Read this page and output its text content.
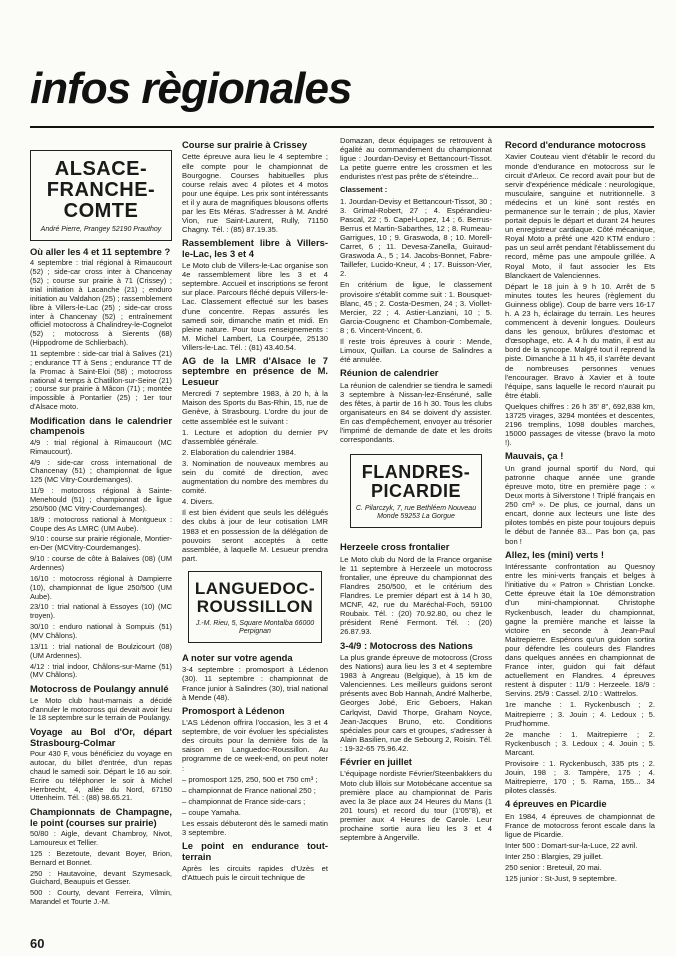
infos règionales
ALSACE-FRANCHE-COMTE
André Pierre, Prangey 52190 Prauthoy
Où aller les 4 et 11 septembre ?

4 septembre : trial régional à Rimaucourt (52) ; side-car cross inter à Chancenay (52) ; course sur prairie à 71 (Crissey) ; trial initiation à Lacanche (21) ; enduro initiation au Valdahon (25) ; rassemblement libre à Villers-le-Lac (25) ; side-car cross inter à Chancenay (52) ; entraînement officiel motocross à Chalindrey-le-Cognelot (52) ; motocross à Sierents (68) (Hippodrome de Schlierbach).

11 septembre : side-car trial à Salives (21) ; endurance TT à Sens ; endurance TT de la Promac à Saint-Eloi (58) ; motocross national 4 temps à Chatillon-sur-Seine (21) ; course sur prairie à Mâcon (71) ; montée impossible à Pontarlier (25) ; 1er tour d'Alsace moto.

Modification dans le calendrier champenois

4/9 : trial régional à Rimaucourt (MC Rimaucourt).

4/9 : side-car cross international de Chancenay (51) ; championnat de ligue 125 (MC Vitry-Courdemanges).

11/9 : motocross régional à Sainte-Menehould (51) ; championnat de ligue 250/500 (MC Vitry-Courdemanges).

18/9 : motocross national à Montgueux : Coupe des As LMRC (UM Aube).

9/10 : course sur prairie régionale, Montier-en-Der (MCVitry-Courdemanges).

9/10 : course de côte à Balaives (08) (UM Ardennes)

16/10 : motocross régional à Dampierre (10), championnat de ligue 250/500 (UM Aube).

23/10 : trial national à Essoyes (10) (MC troyen).

30/10 : enduro national à Sompuis (51) (MV Châlons).

13/11 : trial national de Boulzicourt (08) (UM Ardennes).

4/12 : trial indoor, Châlons-sur-Marne (51) (MV Châlons).

Motocross de Poulangy annulé

Le Moto club haut-marnais a décidé d'annuler le motocross qui devait avoir lieu le 18 septembre sur le terrain de Poulangy.

Voyage au Bol d'Or, départ Strasbourg-Colmar

Pour 430 F, vous bénéficiez du voyage en autocar, du billet d'entrée, d'un repas chaud le samedi soir. Départ le 16 au soir. Ecrire ou téléphoner le soir à Michel Herrbrecht, 4, allée du Nord, 67150 Uttenheim. Tél. : (88) 98.65.21.

Championnats de Champagne, le point (courses sur prairie)

50/80 : Aigle, devant Chambroy, Nivot, Lamoureux et Tellier.

125 : Bezetoute, devant Boyer, Brion, Bernard et Bonnet.

250 : Hautavoine, devant Szymesack, Guichard, Beaupuis et Gesser.

500 : Courty, devant Ferreira, Vilmin, Marandel et Tourte J.-M.

Course sur prairie à Crissey

Cette épreuve aura lieu le 4 septembre ; elle compte pour le championnat de Bourgogne. Courses habituelles plus course relais avec 4 pilotes et 4 motos pour une équipe. Les prix sont intéressants et il y aura de magnifiques blousons offerts par les Ets Méras. S'adresser à M. André Vion, rue Saint-Laurent, Rully, 71150 Chagny. Tél. : (85) 87.19.35.

Rassemblement libre à Villers-le-Lac, les 3 et 4

Le Moto club de Villers-le-Lac organise son 4e rassemblement libre les 3 et 4 septembre. Accueil et inscriptions se feront sur place. Parcours fléché depuis Villers-le-Lac. Classement effectué sur les bases d'une concentre. Repas assurés les samedi soir, dimanche matin et midi. En pleine nature. Pour tous renseignements : M. Michel Lambert, La Courpée, 25130 Villers-le-Lac. Tél. : (81) 43.40.54.

AG de la LMR d'Alsace le 7 septembre en présence de M. Lesueur

Mercredi 7 septembre 1983, à 20 h, à la Maison des Sports du Bas-Rhin, 15, rue de Genève, à Strasbourg. L'ordre du jour de cette assemblée est le suivant :

1. Lecture et adoption du dernier PV d'assemblée générale.

2. Elaboration du calendrier 1984.

3. Nomination de nouveaux membres au sein du comité de direction, avec augmentation du nombre des membres du comité.

4. Divers.

Il est bien évident que seuls les délégués des clubs à jour de leur cotisation LMR 1983 et en possession de la délégation de pouvoirs seront acceptés à cette assemblée, à laquelle M. Lesueur prendra part.

LANGUEDOC-ROUSSILLON
J.-M. Rieu, 5, Square Montalba 66000 Perpignan
A noter sur votre agenda

3-4 septembre : promosport à Lédenon (30). 11 septembre : championnat de France junior à Salindres (30), trial national à Mende (48).

Promosport à Lédenon

L'AS Lédenon offrira l'occasion, les 3 et 4 septembre, de voir évoluer les spécialistes des circuits pour la dernière fois de la saison en Languedoc-Roussillon. Au programme de ce week-end, on peut noter :

– promosport 125, 250, 500 et 750 cm³ ;

– championnat de France national 250 ;

– championnat de France side-cars ;

– coupe Yamaha.

Les essais débuteront dès le samedi matin 3 septembre.

Le point en endurance tout-terrain

Après les circuits rapides d'Uzès et d'Attuech puis le circuit technique de

Domazan, deux équipages se retrouvent à égalité au commandement du championnat ligue : Jourdan-Devisy et Bettancourt-Tissot. La petite guerre entre les crossmen et les enduristes n'est pas prête de s'éteindre...

Classement :

1. Jourdan-Devisy et Bettancourt-Tissot, 30 ; 3. Grimal-Robert, 27 ; 4. Espérandieu-Pascal, 22 ; 5. Capel-Lopez, 14 ; 6. Berrus-Berrus et Martin-Sabarthes, 12 ; 8. Rumeau-Garrigues, 10 ; 9. Graswoda, 8 ; 10. Morell-Carret, 6 ; 11. Devesa-Zanella, Guiraud-Graswoda A., 5 ; 14. Jacobs-Bonnet, Fabre-Taillefer, Lucido-Kneur, 4 ; 17. Buisson-Vier, 2.

En critérium de ligue, le classement provisoire s'établit comme suit : 1. Bousquet-Blanc, 45 ; 2. Costa-Desmen, 24 ; 3. Viollet-Mercier, 22 ; 4. Astier-Lanziani, 10 ; 5. Garcia-Cougnenc et Chambon-Combemale, 8 ; 6. Vincent-Vincent, 6.

Il reste trois épreuves à courir : Mende, Limoux, Quillan. La course de Salindres a été annulée.

Réunion de calendrier

La réunion de calendrier se tiendra le samedi 3 septembre à Nissan-lez-Enséruné, salle des fêtes, à partir de 16 h 30. Tous les clubs organisateurs en 84 se doivent d'y assister. En cas d'empêchement, envoyer au trésorier l'imprimé de demande de date et les droits correspondants.

FLANDRES-PICARDIE
C. Pilarczyk, 7, rue Bethléem Nouveau Monde 59253 La Gorgue
Herzeele cross frontalier

Le Moto club du Nord de la France organise le 11 septembre à Herzeele un motocross frontalier, une épreuve du championnat des Flandres 250/500, et le critérium des Flandres. Le premier départ est à 14 h 30, MCNF, 42, rue du Maréchal-Foch, 59100 Roubaix. Tél. : (20) 70.92.80, ou chez le président René Fermont. Tél. : (20) 26.87.93.

3-4/9 : Motocross des Nations

La plus grande épreuve de motocross (Cross des Nations) aura lieu les 3 et 4 septembre 1983 à Angreau (Belgique), à 15 km de Valenciennes. Les meilleurs guidons seront présents avec Bob Hannah, André Malherbe, Georges Jobé, Eric Geboers, Hakan Carlqvist, David Thorpe, Graham Noyce, Jean-Jacques Bruno, etc. Conditions spéciales pour cars et groupes, s'adresser à Alain Basilien, rue de Sebourg 2, Roisin. Tél. : 19-32-65 75.96.42.

Février en juillet

L'équipage nordiste Février/Steenbakkers du Moto club lillois sur Motobécane accentue sa première place au championnat de Paris avec la 3e place aux 24 Heures du Mans (1 201 tours) et record du tour (1'05"8), et premier aux 4 Heures de Carole. Leur prochaine sortie aura lieu les 3 et 4 septembre à Angerville.

Record d'endurance motocross

Xavier Couteau vient d'établir le record du monde d'endurance en motocross sur le circuit d'Arleux. Ce record avait pour but de servir d'expérience médicale : neurologique, musculaire, sanguine et nutritionnelle. 3 médecins et un kiné sont restés en permanence sur le terrain ; de plus, Xavier portait depuis le départ et durant 24 heures un enregistreur cardiaque. Côté mécanique, Royal Moto a prêté une 420 KTM enduro : pas un seul arrêt pendant l'établissement du record, même pas une ampoule grillée. A Royal Moto, il faut associer les Ets Blanckaert de Valenciennes.

Départ le 18 juin à 9 h 10. Arrêt de 5 minutes toutes les heures (règlement du Guinness oblige). Coup de barre vers 16-17 h. A 23 h, éclairage du terrain. Les heures commencent à devenir longues. Douleurs dans les genoux, brûlures d'estomac et d'œsophage, etc. A 4 h du matin, il est au bord de la syncope. Malgré tout il reprend la piste. Dimanche à 11 h 45, il s'arrête devant de nombreuses personnes venues l'encourager. Bravo à Xavier et à toute l'équipe, sans laquelle le record n'aurait pu être établi.

Quelques chiffres : 26 h 35' 8", 692,838 km, 13725 virages, 3294 montées et descentes, 2196 tremplins, 1098 doubles marches, 15000 passages de vitesse (bravo la moto !).

Mauvais, ça !

Un grand journal sportif du Nord, qui patronne chaque année une grande épreuve moto, titre en première page : « Deux morts à Silverstone ! Triplé français en 250 cm³ ». De plus, ce journal, dans un encart, donne aux lecteurs une liste des pilotes tombés en piste pour toujours depuis le début de l'année 83... Pas bon ça, pas bon !

Allez, les (mini) verts !

Intéressante confrontation au Quesnoy entre les mini-verts français et belges à l'initiative du « Patron » Christian Loncke. Cette épreuve était la 10e démonstration d'un mini-championnat. Christophe Ryckenbusch, leader du championnat, gagne la première manche et laisse la victoire en seconde à Jean-Paul Maitrepierre. Espérons qu'un guidon sortira pour défendre les couleurs des Flandres dans quelques années en championnat de France inter, guidon qui fait défaut actuellement en Flandres. 4 épreuves restent à disputer : 11/9 : Herzeele. 18/9 : Servins. 25/9 : Cassel. 2/10 : Wattrelos.

1re manche : 1. Ryckenbusch ; 2. Maitrepierre ; 3. Jouin ; 4. Ledoux ; 5. Prud'homme.

2e manche : 1. Maitrepierre ; 2. Ryckenbusch ; 3. Ledoux ; 4. Jouin ; 5. Marcant.

Provisoire : 1. Ryckenbusch, 335 pts ; 2. Jouin, 198 ; 3. Tampère, 175 ; 4. Maitrepierre, 170 ; 5. Rama, 155... 34 pilotes classés.

4 épreuves en Picardie

En 1984, 4 épreuves de championnat de France de motocross feront escale dans la ligue de Picardie.

Inter 500 : Domart-sur-la-Luce, 22 avril.

Inter 250 : Blargies, 29 juillet.

250 senior : Breteuil, 20 mai.

125 junior : St-Just, 9 septembre.

60
